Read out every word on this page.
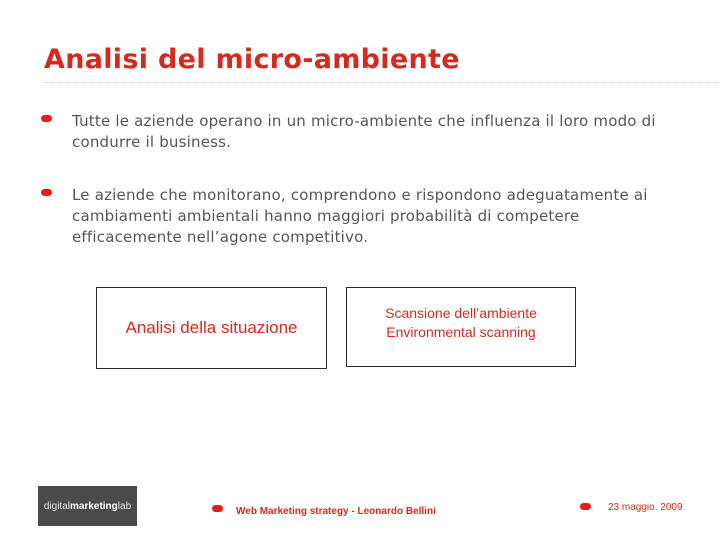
Analisi del micro-ambiente
Tutte le aziende operano in un micro-ambiente che influenza il loro modo di condurre il business.
Le aziende che monitorano, comprendono e rispondono adeguatamente ai cambiamenti ambientali hanno maggiori probabilità di competere efficacemente nell’agone competitivo.
Analisi della situazione
Scansione dell’ambiente
Environmental scanning
digital marketing lab	Web Marketing strategy - Leonardo Bellini	23 maggio. 2009
